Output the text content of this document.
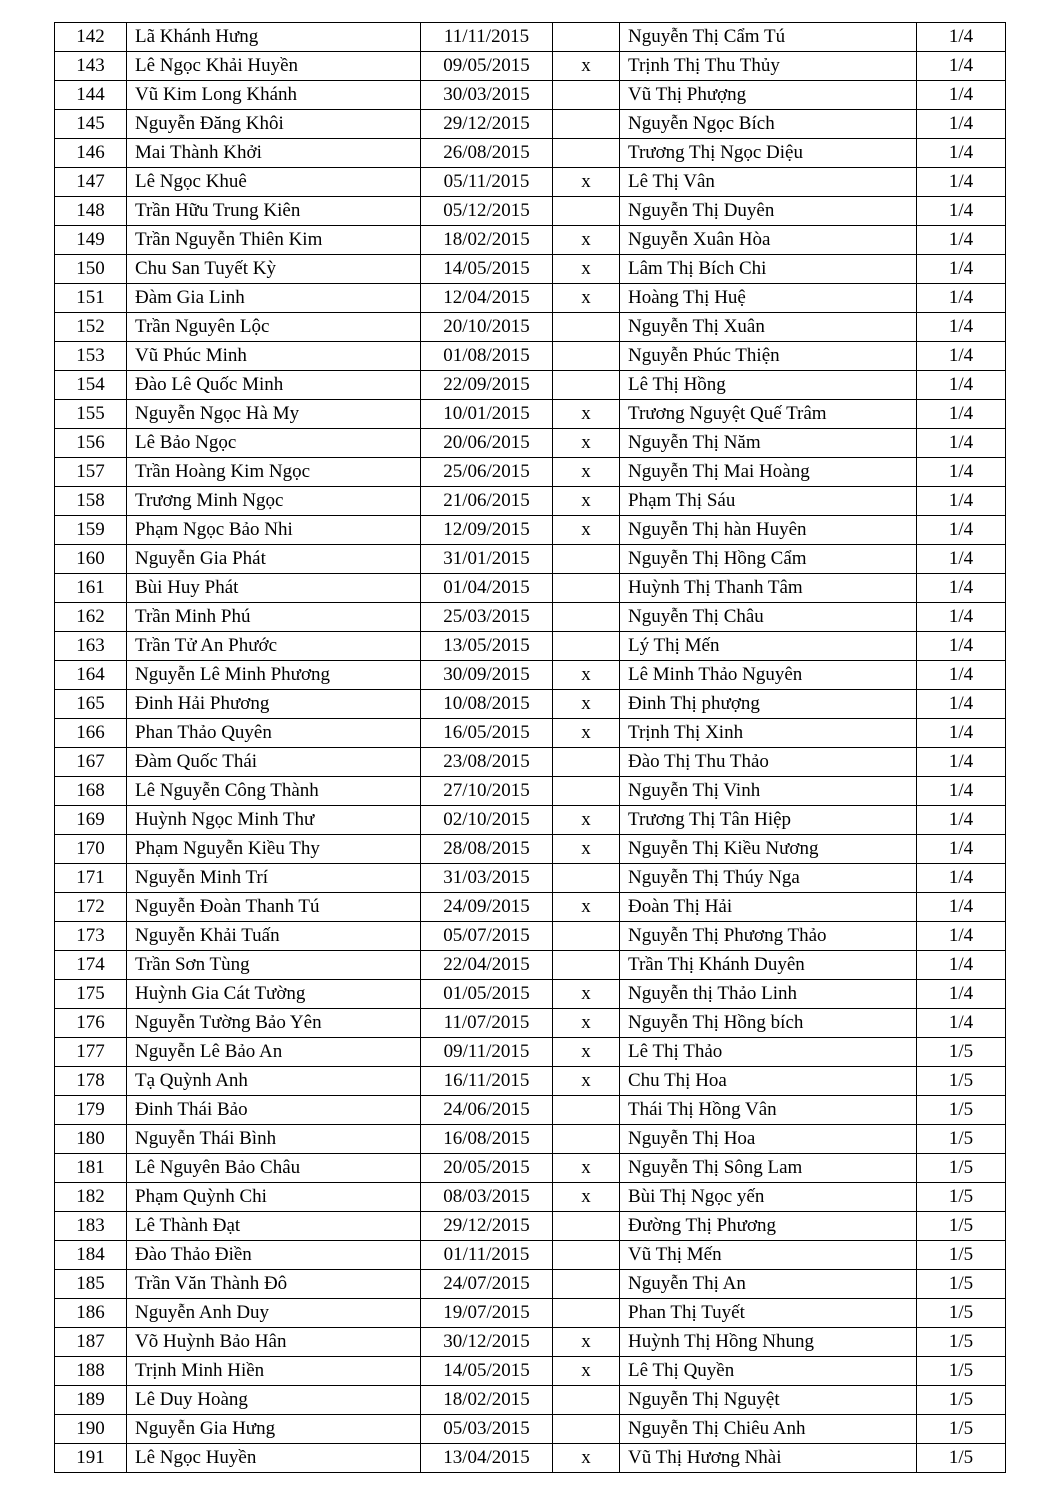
142	Lã Khánh Hưng	11/11/2015		Nguyễn Thị Cẩm Tú	1/4
143	Lê Ngọc Khải Huyền	09/05/2015	x	Trịnh Thị Thu Thủy	1/4
144	Vũ Kim Long Khánh	30/03/2015		Vũ Thị Phượng	1/4
145	Nguyễn Đăng Khôi	29/12/2015		Nguyễn Ngọc Bích	1/4
146	Mai Thành Khởi	26/08/2015		Trương Thị Ngọc Diệu	1/4
147	Lê Ngọc Khuê	05/11/2015	x	Lê Thị Vân	1/4
148	Trần Hữu Trung Kiên	05/12/2015		Nguyễn Thị Duyên	1/4
149	Trần Nguyễn Thiên Kim	18/02/2015	x	Nguyễn Xuân Hòa	1/4
150	Chu San Tuyết Kỳ	14/05/2015	x	Lâm Thị Bích Chi	1/4
151	Đàm Gia Linh	12/04/2015	x	Hoàng Thị Huệ	1/4
152	Trần Nguyên Lộc	20/10/2015		Nguyễn Thị Xuân	1/4
153	Vũ Phúc Minh	01/08/2015		Nguyễn Phúc Thiện	1/4
154	Đào Lê Quốc Minh	22/09/2015		Lê Thị Hồng	1/4
155	Nguyễn Ngọc Hà My	10/01/2015	x	Trương Nguyệt Quế Trâm	1/4
156	Lê Bảo Ngọc	20/06/2015	x	Nguyễn Thị Năm	1/4
157	Trần Hoàng Kim Ngọc	25/06/2015	x	Nguyễn Thị Mai Hoàng	1/4
158	Trương Minh Ngọc	21/06/2015	x	Phạm Thị Sáu	1/4
159	Phạm Ngọc Bảo Nhi	12/09/2015	x	Nguyễn Thị hàn Huyên	1/4
160	Nguyễn Gia Phát	31/01/2015		Nguyễn Thị Hồng Cẩm	1/4
161	Bùi Huy Phát	01/04/2015		Huỳnh Thị Thanh Tâm	1/4
162	Trần Minh Phú	25/03/2015		Nguyễn Thị Châu	1/4
163	Trần Tử An Phước	13/05/2015		Lý Thị Mến	1/4
164	Nguyễn Lê Minh Phương	30/09/2015	x	Lê Minh Thảo Nguyên	1/4
165	Đinh Hải Phương	10/08/2015	x	Đinh Thị phượng	1/4
166	Phan Thảo Quyên	16/05/2015	x	Trịnh Thị Xinh	1/4
167	Đàm Quốc Thái	23/08/2015		Đào Thị Thu Thảo	1/4
168	Lê Nguyễn Công Thành	27/10/2015		Nguyễn Thị Vinh	1/4
169	Huỳnh Ngọc Minh Thư	02/10/2015	x	Trương Thị Tân Hiệp	1/4
170	Phạm Nguyễn Kiều Thy	28/08/2015	x	Nguyễn Thị Kiều Nương	1/4
171	Nguyễn Minh Trí	31/03/2015		Nguyễn Thị Thúy Nga	1/4
172	Nguyễn Đoàn Thanh Tú	24/09/2015	x	Đoàn Thị Hải	1/4
173	Nguyễn Khải Tuấn	05/07/2015		Nguyễn Thị Phương Thảo	1/4
174	Trần Sơn Tùng	22/04/2015		Trần Thị Khánh Duyên	1/4
175	Huỳnh Gia Cát Tường	01/05/2015	x	Nguyễn thị Thảo Linh	1/4
176	Nguyễn Tường Bảo Yên	11/07/2015	x	Nguyễn Thị Hồng bích	1/4
177	Nguyễn Lê Bảo An	09/11/2015	x	Lê Thị Thảo	1/5
178	Tạ Quỳnh Anh	16/11/2015	x	Chu Thị Hoa	1/5
179	Đinh Thái Bảo	24/06/2015		Thái Thị Hồng Vân	1/5
180	Nguyễn Thái Bình	16/08/2015		Nguyễn Thị Hoa	1/5
181	Lê Nguyên Bảo Châu	20/05/2015	x	Nguyễn Thị Sông Lam	1/5
182	Phạm Quỳnh Chi	08/03/2015	x	Bùi Thị Ngọc yến	1/5
183	Lê Thành Đạt	29/12/2015		Đường Thị Phương	1/5
184	Đào Thảo Điền	01/11/2015		Vũ Thị Mến	1/5
185	Trần Văn Thành Đô	24/07/2015		Nguyễn Thị An	1/5
186	Nguyễn Anh Duy	19/07/2015		Phan Thị Tuyết	1/5
187	Võ Huỳnh Bảo Hân	30/12/2015	x	Huỳnh Thị Hồng Nhung	1/5
188	Trịnh Minh Hiền	14/05/2015	x	Lê Thị Quyền	1/5
189	Lê Duy Hoàng	18/02/2015		Nguyễn Thị Nguyệt	1/5
190	Nguyễn Gia Hưng	05/03/2015		Nguyễn Thị Chiêu Anh	1/5
191	Lê Ngọc Huyền	13/04/2015	x	Vũ Thị Hương Nhài	1/5
